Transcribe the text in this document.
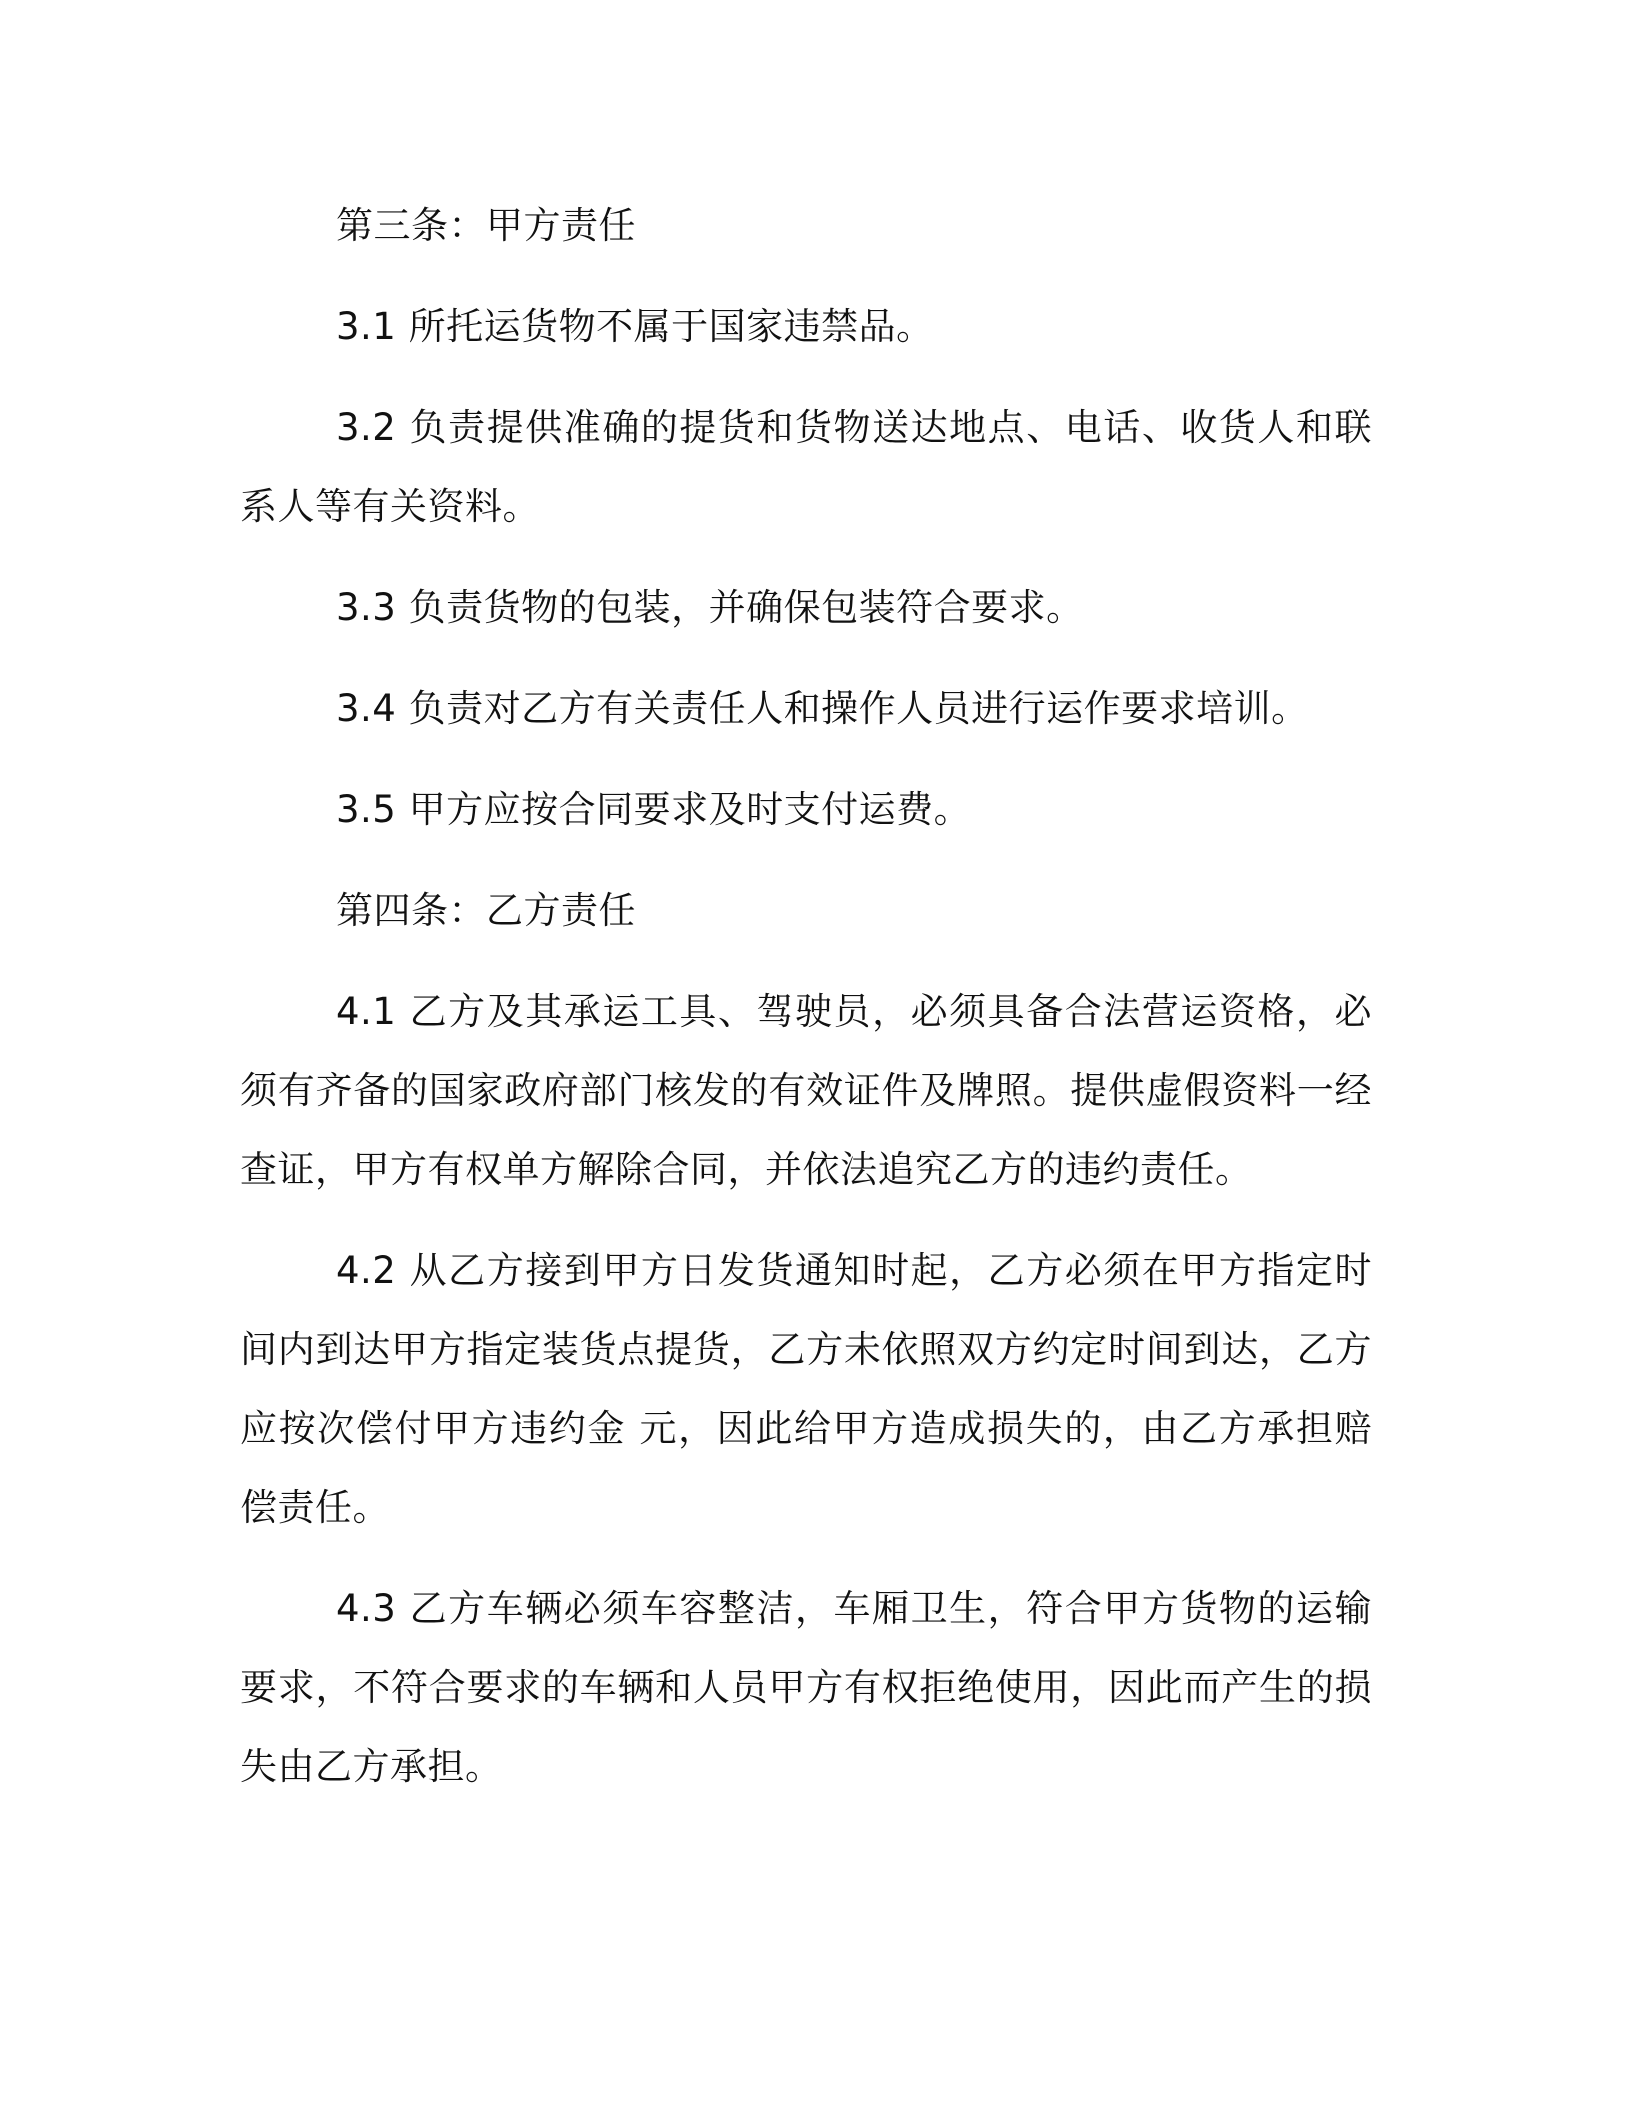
第三条：甲方责任

3.1 所托运货物不属于国家违禁品。

3.2 负责提供准确的提货和货物送达地点、电话、收货人和联系人等有关资料。

3.3 负责货物的包装，并确保包装符合要求。

3.4 负责对乙方有关责任人和操作人员进行运作要求培训。

3.5 甲方应按合同要求及时支付运费。

第四条：乙方责任

4.1 乙方及其承运工具、驾驶员，必须具备合法营运资格，必须有齐备的国家政府部门核发的有效证件及牌照。提供虚假资料一经查证，甲方有权单方解除合同，并依法追究乙方的违约责任。

4.2 从乙方接到甲方日发货通知时起，乙方必须在甲方指定时间内到达甲方指定装货点提货，乙方未依照双方约定时间到达，乙方应按次偿付甲方违约金 元，因此给甲方造成损失的，由乙方承担赔偿责任。

4.3 乙方车辆必须车容整洁，车厢卫生，符合甲方货物的运输要求，不符合要求的车辆和人员甲方有权拒绝使用，因此而产生的损失由乙方承担。
